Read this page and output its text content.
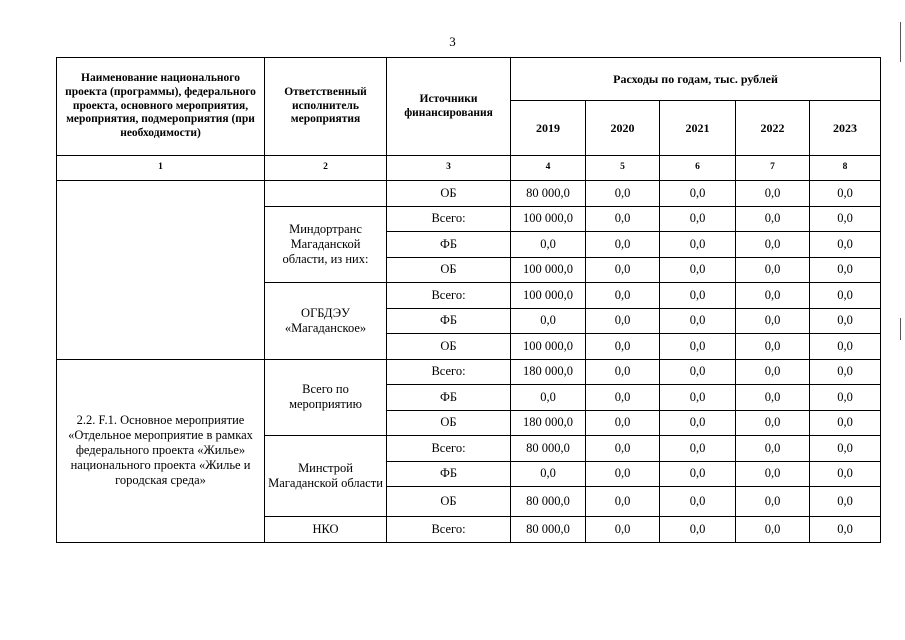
3
Наименование национального проекта (программы), федерального проекта, основного мероприятия, мероприятия, подмероприятия (при необходимости)	Ответственный исполнитель мероприятия	Источники финансирования	Расходы по годам, тыс. рублей				
			2019	2020	2021	2022	2023
1	2	3	4	5	6	7	8
		ОБ	80 000,0	0,0	0,0	0,0	0,0
	Миндортранс Магаданской области, из них:	Всего:	100 000,0	0,0	0,0	0,0	0,0
		ФБ	0,0	0,0	0,0	0,0	0,0
		ОБ	100 000,0	0,0	0,0	0,0	0,0
	ОГБДЭУ «Магаданское»	Всего:	100 000,0	0,0	0,0	0,0	0,0
		ФБ	0,0	0,0	0,0	0,0	0,0
		ОБ	100 000,0	0,0	0,0	0,0	0,0
2.2. F.1. Основное мероприятие «Отдельное мероприятие в рамках федерального проекта «Жилье» национального проекта «Жилье и городская среда»	Всего по мероприятию	Всего:	180 000,0	0,0	0,0	0,0	0,0
		ФБ	0,0	0,0	0,0	0,0	0,0
		ОБ	180 000,0	0,0	0,0	0,0	0,0
	Минстрой Магаданской области	Всего:	80 000,0	0,0	0,0	0,0	0,0
		ФБ	0,0	0,0	0,0	0,0	0,0
		ОБ	80 000,0	0,0	0,0	0,0	0,0
	НКО	Всего:	80 000,0	0,0	0,0	0,0	0,0
